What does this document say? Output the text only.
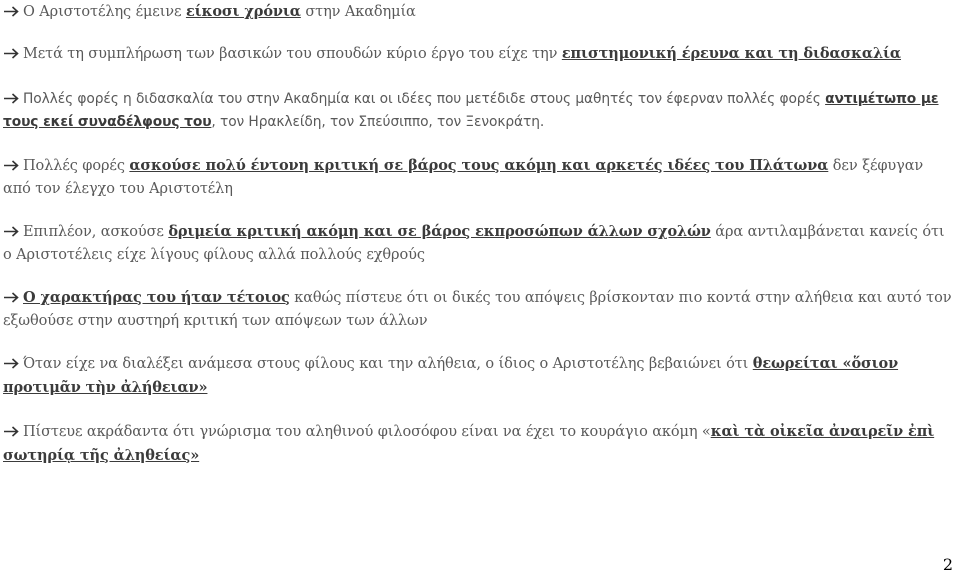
Ο Αριστοτέλης έμεινε είκοσι χρόνια στην Ακαδημία
Μετά τη συμπλήρωση των βασικών του σπουδών κύριο έργο του είχε την επιστημονική έρευνα και τη διδασκαλία
Πολλές φορές η διδασκαλία του στην Ακαδημία και οι ιδέες που μετέδιδε στους μαθητές τον έφερναν πολλές φορές αντιμέτωπο με τους εκεί συναδέλφους του, τον Ηρακλείδη, τον Σπεύσιππο, τον Ξενοκράτη.
Πολλές φορές ασκούσε πολύ έντονη κριτική σε βάρος τους ακόμη και αρκετές ιδέες του Πλάτωνα δεν ξέφυγαν από τον έλεγχο του Αριστοτέλη
Επιπλέον, ασκούσε δριμεία κριτική ακόμη και σε βάρος εκπροσώπων άλλων σχολών άρα αντιλαμβάνεται κανείς ότι ο Αριστοτέλεις είχε λίγους φίλους αλλά πολλούς εχθρούς
Ο χαρακτήρας του ήταν τέτοιος καθώς πίστευε ότι οι δικές του απόψεις βρίσκονταν πιο κοντά στην αλήθεια και αυτό τον εξωθούσε στην αυστηρή κριτική των απόψεων των άλλων
Όταν είχε να διαλέξει ανάμεσα στους φίλους και την αλήθεια, ο ίδιος ο Αριστοτέλης βεβαιώνει ότι θεωρείται «ὅσιον προτιμᾶν τὴν ἀλήθειαν»
Πίστευε ακράδαντα ότι γνώρισμα του αληθινού φιλοσόφου είναι να έχει το κουράγιο ακόμη «καὶ τὰ οἰκεῖα ἀναιρεῖν ἐπὶ σωτηρίᾳ τῆς ἀληθείας»
2
